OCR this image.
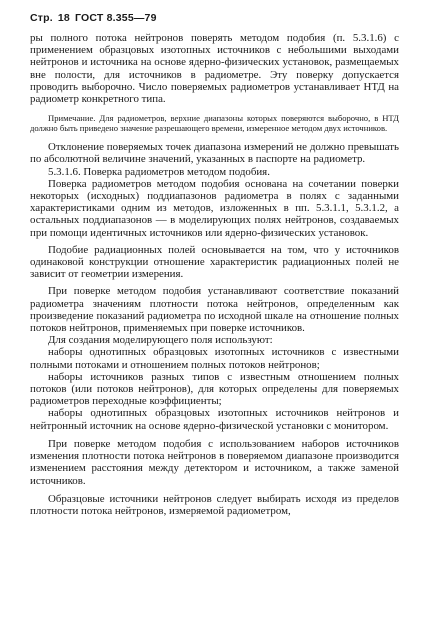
Стр. 18 ГОСТ 8.355—79

ры полного потока нейтронов поверять методом подобия (п. 5.3.1.6) с применением образцовых изотопных источников с небольшими выходами нейтронов и источника на основе ядерно-физических установок, размещаемых вне полости, для источников в радиометре. Эту поверку допускается проводить выборочно. Число поверяемых радиометров устанавливает НТД на радиометр конкретного типа.

Примечание. Для радиометров, верхние диапазоны которых поверяются выборочно, в НТД должно быть приведено значение разрешающего времени, измеренное методом двух источников.

Отклонение поверяемых точек диапазона измерений не должно превышать по абсолютной величине значений, указанных в паспорте на радиометр.

5.3.1.6. Поверка радиометров методом подобия.

Поверка радиометров методом подобия основана на сочетании поверки некоторых (исходных) поддиапазонов радиометра в полях с заданными характеристиками одним из методов, изложенных в пп. 5.3.1.1, 5.3.1.2, а остальных поддиапазонов — в моделирующих полях нейтронов, создаваемых при помощи идентичных источников или ядерно-физических установок.

Подобие радиационных полей основывается на том, что у источников одинаковой конструкции отношение характеристик радиационных полей не зависит от геометрии измерения.

При поверке методом подобия устанавливают соответствие показаний радиометра значениям плотности потока нейтронов, определенным как произведение показаний радиометра по исходной шкале на отношение полных потоков нейтронов, применяемых при поверке источников.

Для создания моделирующего поля используют:

наборы однотипных образцовых изотопных источников с известными полными потоками и отношением полных потоков нейтронов;

наборы источников разных типов с известным отношением полных потоков (или потоков нейтронов), для которых определены для поверяемых радиометров переходные коэффициенты;

наборы однотипных образцовых изотопных источников нейтронов и нейтронный источник на основе ядерно-физической установки с монитором.

При поверке методом подобия с использованием наборов источников изменения плотности потока нейтронов в поверяемом диапазоне производится изменением расстояния между детектором и источником, а также заменой источников.

Образцовые источники нейтронов следует выбирать исходя из пределов плотности потока нейтронов, измеряемой радиометром,
